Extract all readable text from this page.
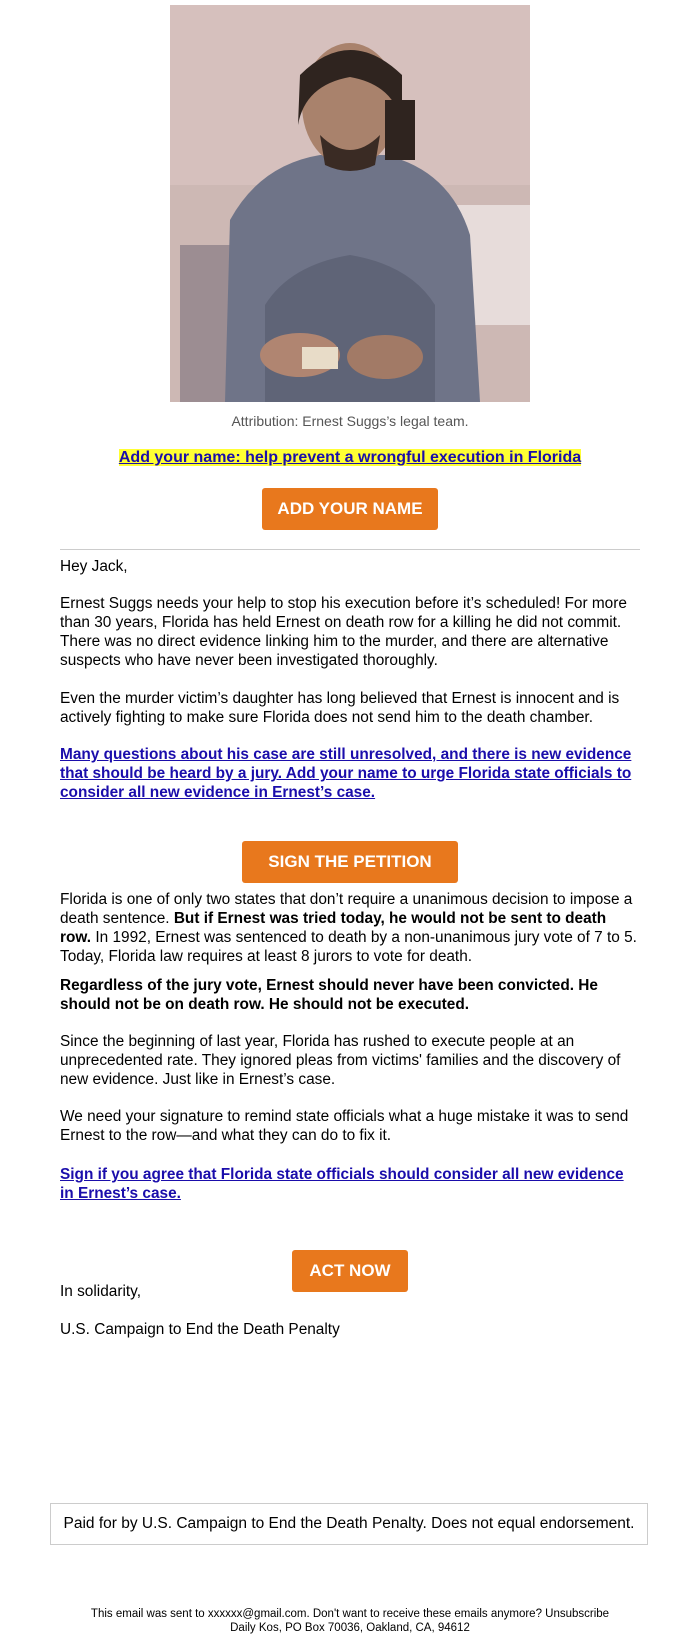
Attribution: Ernest Suggs’s legal team.
Add your name: help prevent a wrongful execution in Florida
ADD YOUR NAME

Hey Jack,

Ernest Suggs needs your help to stop his execution before it’s scheduled! For more than 30 years, Florida has held Ernest on death row for a killing he did not commit. There was no direct evidence linking him to the murder, and there are alternative suspects who have never been investigated thoroughly.

Even the murder victim’s daughter has long believed that Ernest is innocent and is actively fighting to make sure Florida does not send him to the death chamber.

Many questions about his case are still unresolved, and there is new evidence that should be heard by a jury. Add your name to urge Florida state officials to consider all new evidence in Ernest’s case.

SIGN THE PETITION

Florida is one of only two states that don’t require a unanimous decision to impose a death sentence. But if Ernest was tried today, he would not be sent to death row. In 1992, Ernest was sentenced to death by a non-unanimous jury vote of 7 to 5. Today, Florida law requires at least 8 jurors to vote for death.

Regardless of the jury vote, Ernest should never have been convicted. He should not be on death row. He should not be executed.

Since the beginning of last year, Florida has rushed to execute people at an unprecedented rate. They ignored pleas from victims' families and the discovery of new evidence. Just like in Ernest’s case.

We need your signature to remind state officials what a huge mistake it was to send Ernest to the row—and what they can do to fix it.

Sign if you agree that Florida state officials should consider all new evidence in Ernest’s case.

ACT NOW

In solidarity,

U.S. Campaign to End the Death Penalty

Paid for by U.S. Campaign to End the Death Penalty. Does not equal endorsement.
This email was sent to xxxxxx@gmail.com. Don't want to receive these emails anymore? Unsubscribe
Daily Kos, PO Box 70036, Oakland, CA, 94612
